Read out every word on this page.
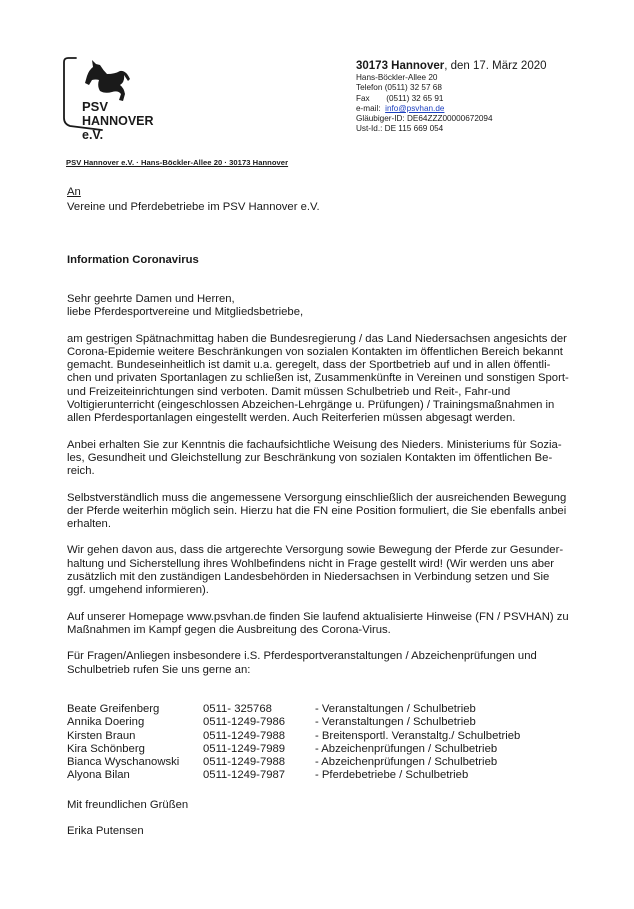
PSV
HANNOVER e.V.
30173 Hannover, den 17. März 2020
Hans-Böckler-Allee 20
Telefon (0511) 32 57 68
Fax (0511) 32 65 91
e-mail: info@psvhan.de
Gläubiger-ID: DE64ZZZ00000672094
Ust-Id.: DE 115 669 054
PSV Hannover e.V. · Hans-Böckler-Allee 20 · 30173 Hannover
An
Vereine und Pferdebetriebe im PSV Hannover e.V.
Information Coronavirus

Sehr geehrte Damen und Herren,

liebe Pferdesportvereine und Mitgliedsbetriebe,

am gestrigen Spätnachmittag haben die Bundesregierung / das Land Niedersachsen angesichts der

Corona-Epidemie weitere Beschränkungen von sozialen Kontakten im öffentlichen Bereich bekannt

gemacht. Bundeseinheitlich ist damit u.a. geregelt, dass der Sportbetrieb auf und in allen öffentli-

chen und privaten Sportanlagen zu schließen ist, Zusammenkünfte in Vereinen und sonstigen Sport-

und Freizeiteinrichtungen sind verboten. Damit müssen Schulbetrieb und Reit-, Fahr-und

Voltigierunterricht (eingeschlossen Abzeichen-Lehrgänge u. Prüfungen) / Trainingsmaßnahmen in

allen Pferdesportanlagen eingestellt werden. Auch Reiterferien müssen abgesagt werden.

Anbei erhalten Sie zur Kenntnis die fachaufsichtliche Weisung des Nieders. Ministeriums für Sozia-

les, Gesundheit und Gleichstellung zur Beschränkung von sozialen Kontakten im öffentlichen Be-

reich.

Selbstverständlich muss die angemessene Versorgung einschließlich der ausreichenden Bewegung

der Pferde weiterhin möglich sein. Hierzu hat die FN eine Position formuliert, die Sie ebenfalls anbei

erhalten.

Wir gehen davon aus, dass die artgerechte Versorgung sowie Bewegung der Pferde zur Gesunder-

haltung und Sicherstellung ihres Wohlbefindens nicht in Frage gestellt wird! (Wir werden uns aber

zusätzlich mit den zuständigen Landesbehörden in Niedersachsen in Verbindung setzen und Sie

ggf. umgehend informieren).

Auf unserer Homepage www.psvhan.de finden Sie laufend aktualisierte Hinweise (FN / PSVHAN) zu

Maßnahmen im Kampf gegen die Ausbreitung des Corona-Virus.

Für Fragen/Anliegen insbesondere i.S. Pferdesportveranstaltungen / Abzeichenprüfungen und

Schulbetrieb rufen Sie uns gerne an:

Beate Greifenberg	0511- 325768	- Veranstaltungen / Schulbetrieb
Annika Doering	0511-1249-7986	- Veranstaltungen / Schulbetrieb
Kirsten Braun	0511-1249-7988	- Breitensportl. Veranstaltg./ Schulbetrieb
Kira Schönberg	0511-1249-7989	- Abzeichenprüfungen / Schulbetrieb
Bianca Wyschanowski	0511-1249-7988	- Abzeichenprüfungen / Schulbetrieb
Alyona Bilan	0511-1249-7987	- Pferdebetriebe / Schulbetrieb
Mit freundlichen Grüßen
Erika Putensen
